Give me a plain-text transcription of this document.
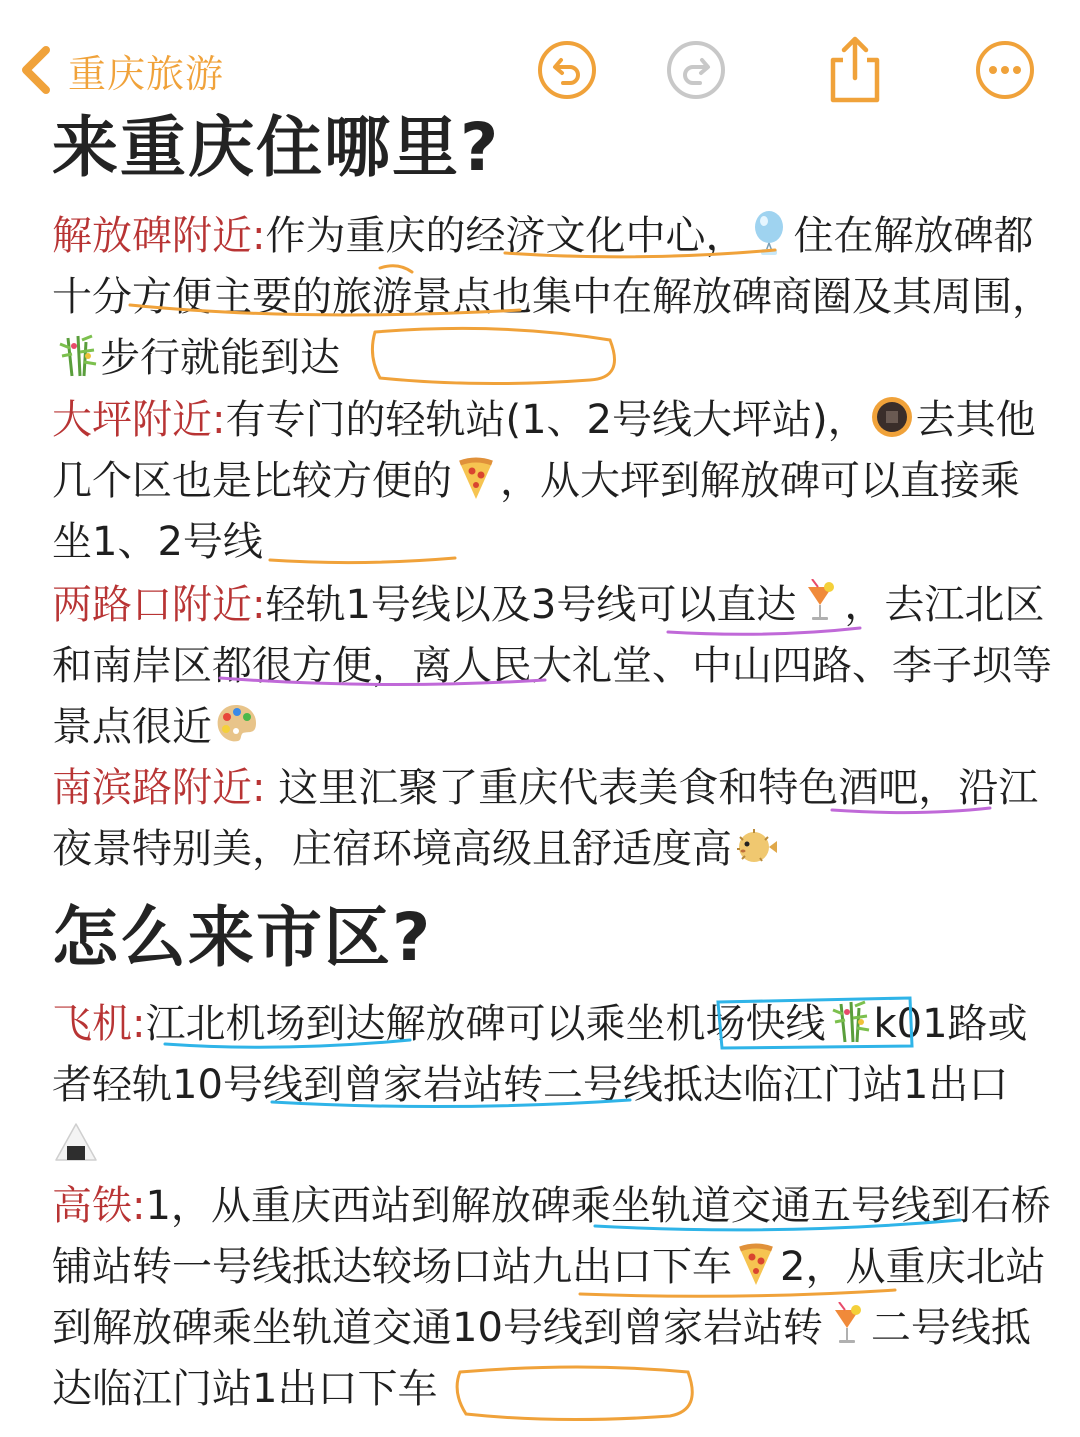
重庆旅游
来重庆住哪里?

解放碑附近:作为重庆的经济文化中心， 住在解放碑都十分方便主要的旅游景点也集中在解放碑商圈及其周围，步行就能到达

大坪附近:有专门的轻轨站(1、2号线大坪站)， 去其他几个区也是比较方便的 ，从大坪到解放碑可以直接乘坐1、2号线

两路口附近:轻轨1号线以及3号线可以直达 ，去江北区和南岸区都很方便，离人民大礼堂、中山四路、李子坝等景点很近

南滨路附近: 这里汇聚了重庆代表美食和特色酒吧，沿江夜景特别美，庄宿环境高级且舒适度高

怎么来市区?

飞机:江北机场到达解放碑可以乘坐机场快线 k01路或者轻轨10号线到曾家岩站转二号线抵达临江门站1出口

高铁:1，从重庆西站到解放碑乘坐轨道交通五号线到石桥铺站转一号线抵达较场口站九出口下车 2，从重庆北站到解放碑乘坐轨道交通10号线到曾家岩站转 二号线抵达临江门站1出口下车
